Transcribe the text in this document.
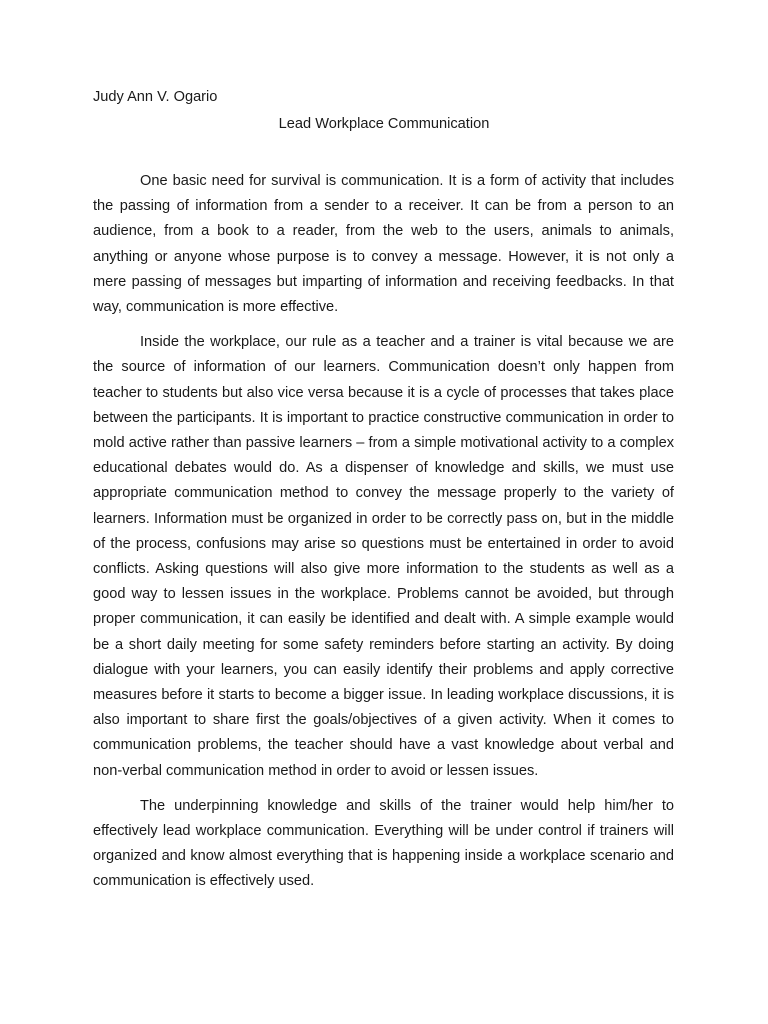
Judy Ann V. Ogario
Lead Workplace Communication

One basic need for survival is communication. It is a form of activity that includes the passing of information from a sender to a receiver. It can be from a person to an audience, from a book to a reader, from the web to the users, animals to animals, anything or anyone whose purpose is to convey a message. However, it is not only a mere passing of messages but imparting of information and receiving feedbacks. In that way, communication is more effective.

Inside the workplace, our rule as a teacher and a trainer is vital because we are the source of information of our learners. Communication doesn’t only happen from teacher to students but also vice versa because it is a cycle of processes that takes place between the participants. It is important to practice constructive communication in order to mold active rather than passive learners – from a simple motivational activity to a complex educational debates would do. As a dispenser of knowledge and skills, we must use appropriate communication method to convey the message properly to the variety of learners. Information must be organized in order to be correctly pass on, but in the middle of the process, confusions may arise so questions must be entertained in order to avoid conflicts. Asking questions will also give more information to the students as well as a good way to lessen issues in the workplace. Problems cannot be avoided, but through proper communication, it can easily be identified and dealt with. A simple example would be a short daily meeting for some safety reminders before starting an activity. By doing dialogue with your learners, you can easily identify their problems and apply corrective measures before it starts to become a bigger issue. In leading workplace discussions, it is also important to share first the goals/objectives of a given activity. When it comes to communication problems, the teacher should have a vast knowledge about verbal and non-verbal communication method in order to avoid or lessen issues.

The underpinning knowledge and skills of the trainer would help him/her to effectively lead workplace communication. Everything will be under control if trainers will organized and know almost everything that is happening inside a workplace scenario and communication is effectively used.
